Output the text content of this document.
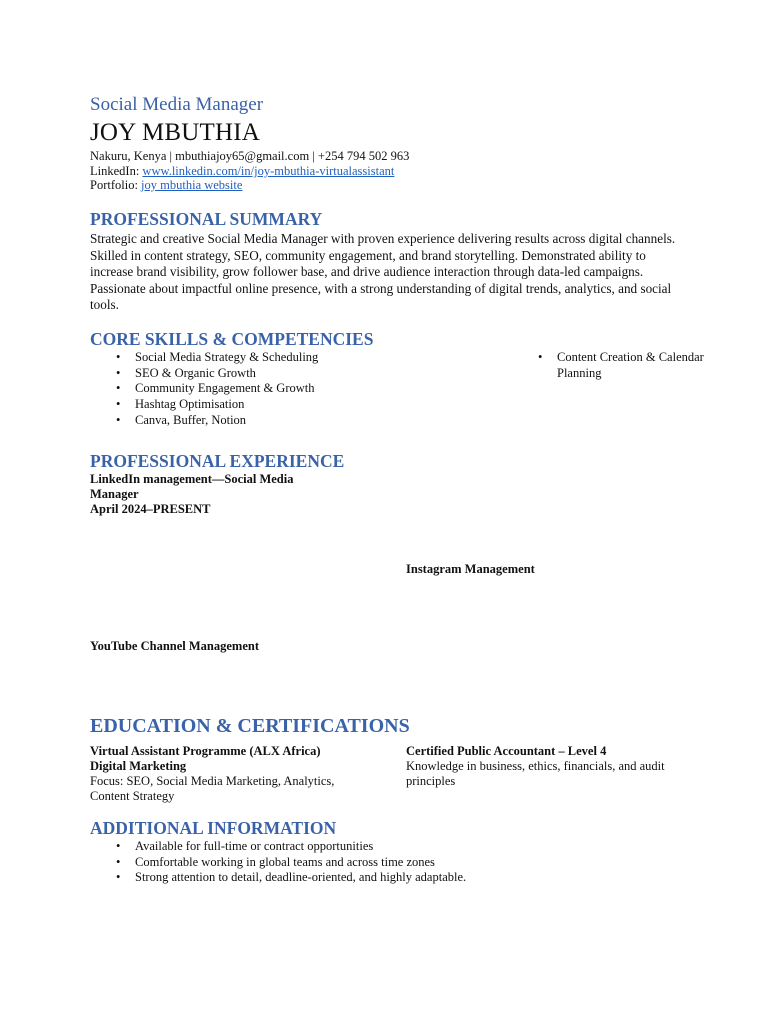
Social Media Manager
JOY MBUTHIA
Nakuru, Kenya | mbuthiajoy65@gmail.com | +254 794 502 963
LinkedIn: www.linkedin.com/in/joy-mbuthia-virtualassistant
Portfolio: joy mbuthia website
PROFESSIONAL SUMMARY
Strategic and creative Social Media Manager with proven experience delivering results across digital channels. Skilled in content strategy, SEO, community engagement, and brand storytelling. Demonstrated ability to increase brand visibility, grow follower base, and drive audience interaction through data-led campaigns. Passionate about impactful online presence, with a strong understanding of digital trends, analytics, and social tools.
CORE SKILLS & COMPETENCIES
• Social Media Strategy & Scheduling
• SEO & Organic Growth
• Community Engagement & Growth
• Hashtag Optimisation
• Canva, Buffer, Notion
• Content Creation & Calendar Planning
PROFESSIONAL EXPERIENCE
LinkedIn management—Social Media Manager
April 2024–PRESENT
Instagram Management
YouTube Channel Management
EDUCATION & CERTIFICATIONS
Virtual Assistant Programme (ALX Africa)
Digital Marketing
Focus: SEO, Social Media Marketing, Analytics, Content Strategy
Certified Public Accountant – Level 4
Knowledge in business, ethics, financials, and audit principles
ADDITIONAL INFORMATION
• Available for full-time or contract opportunities
• Comfortable working in global teams and across time zones
• Strong attention to detail, deadline-oriented, and highly adaptable.
